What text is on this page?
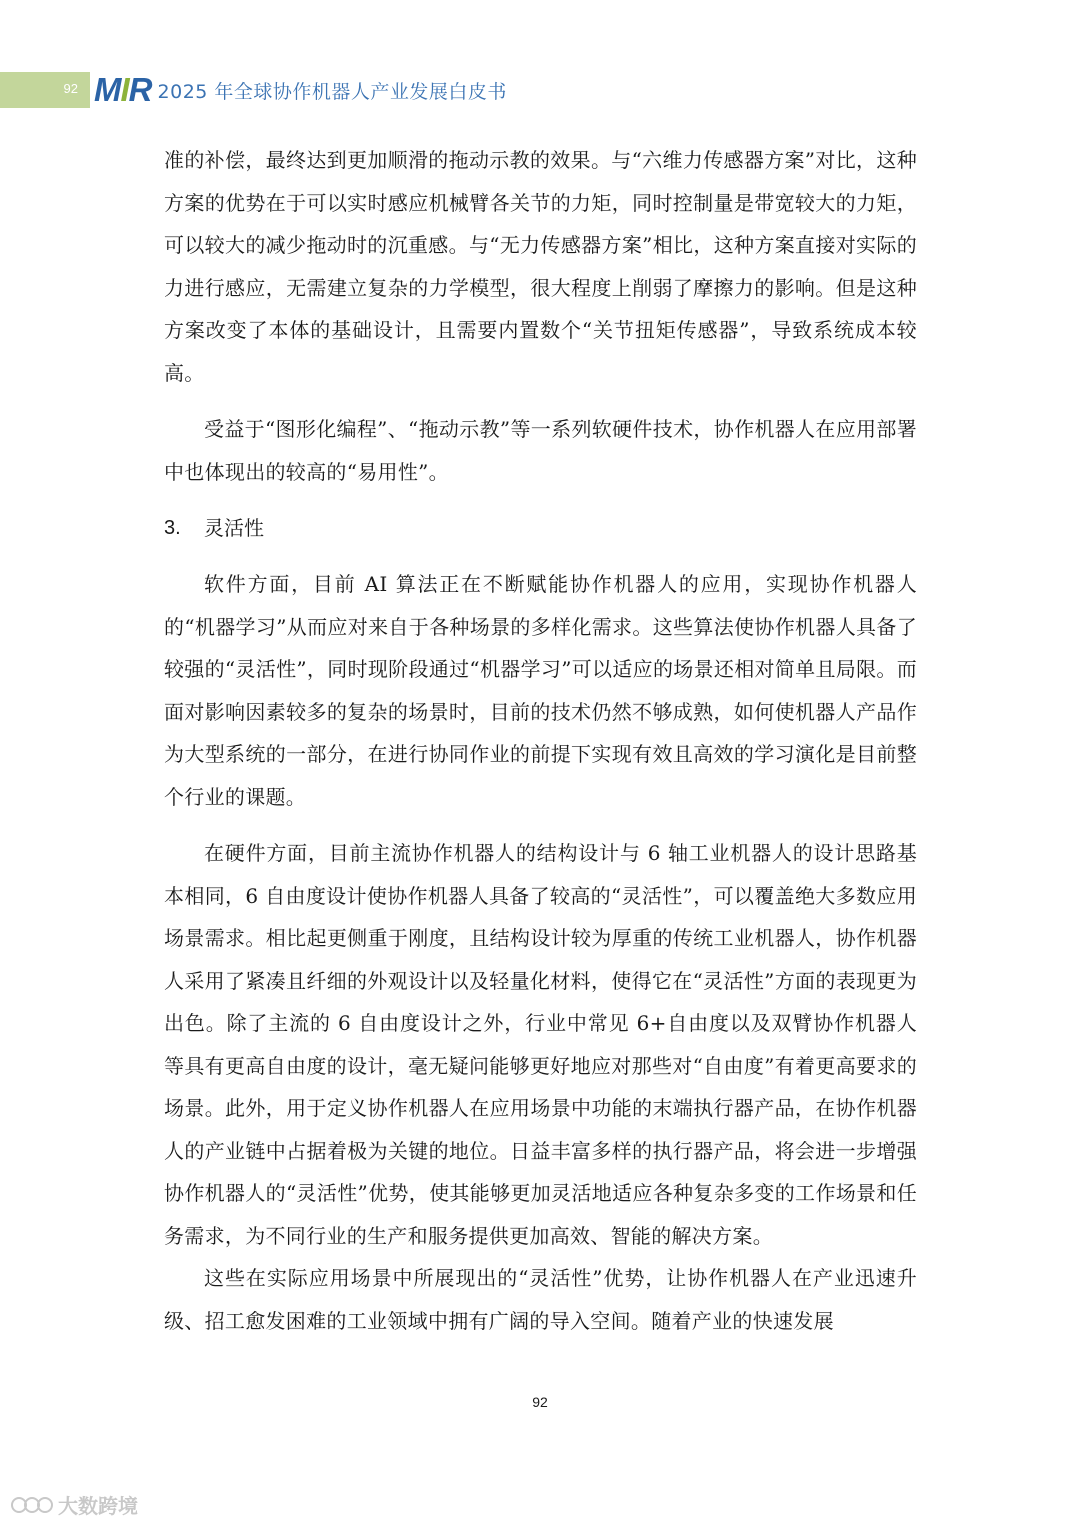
92 MIR 2025 年全球协作机器人产业发展白皮书

准的补偿，最终达到更加顺滑的拖动示教的效果。与“六维力传感器方案”对比，这种方案的优势在于可以实时感应机械臂各关节的力矩，同时控制量是带宽较大的力矩，可以较大的减少拖动时的沉重感。与“无力传感器方案”相比，这种方案直接对实际的力进行感应，无需建立复杂的力学模型，很大程度上削弱了摩擦力的影响。但是这种方案改变了本体的基础设计，且需要内置数个“关节扭矩传感器”，导致系统成本较高。

受益于“图形化编程”、“拖动示教”等一系列软硬件技术，协作机器人在应用部署中也体现出的较高的“易用性”。

3.	灵活性

软件方面，目前 AI 算法正在不断赋能协作机器人的应用，实现协作机器人的“机器学习”从而应对来自于各种场景的多样化需求。这些算法使协作机器人具备了较强的“灵活性”，同时现阶段通过“机器学习”可以适应的场景还相对简单且局限。而面对影响因素较多的复杂的场景时，目前的技术仍然不够成熟，如何使机器人产品作为大型系统的一部分，在进行协同作业的前提下实现有效且高效的学习演化是目前整个行业的课题。

在硬件方面，目前主流协作机器人的结构设计与 6 轴工业机器人的设计思路基本相同，6 自由度设计使协作机器人具备了较高的“灵活性”，可以覆盖绝大多数应用场景需求。相比起更侧重于刚度，且结构设计较为厚重的传统工业机器人，协作机器人采用了紧凑且纤细的外观设计以及轻量化材料，使得它在“灵活性”方面的表现更为出色。除了主流的 6 自由度设计之外，行业中常见 6+自由度以及双臂协作机器人等具有更高自由度的设计，毫无疑问能够更好地应对那些对“自由度”有着更高要求的场景。此外，用于定义协作机器人在应用场景中功能的末端执行器产品，在协作机器人的产业链中占据着极为关键的地位。日益丰富多样的执行器产品，将会进一步增强协作机器人的“灵活性”优势，使其能够更加灵活地适应各种复杂多变的工作场景和任务需求，为不同行业的生产和服务提供更加高效、智能的解决方案。

这些在实际应用场景中所展现出的“灵活性”优势，让协作机器人在产业迅速升级、招工愈发困难的工业领域中拥有广阔的导入空间。随着产业的快速发展

92
大数跨境
